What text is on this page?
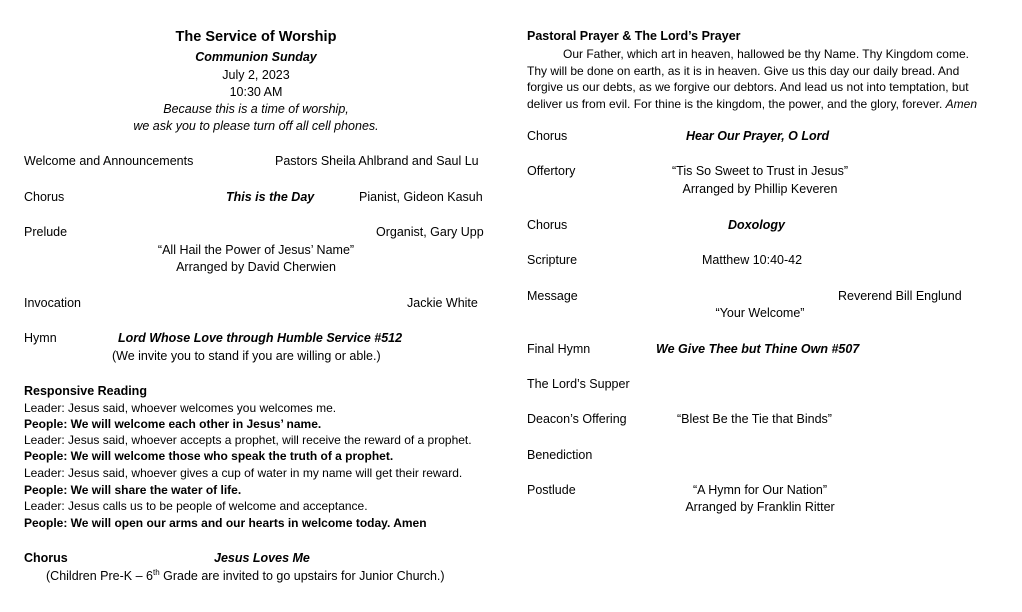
The Service of Worship
Communion Sunday
July 2, 2023
10:30 AM
Because this is a time of worship,
we ask you to please turn off all cell phones.
Welcome and Announcements	Pastors Sheila Ahlbrand and Saul Lu
Chorus	This is the Day	Pianist, Gideon Kasuh
Prelude	Organist, Gary Upp
“All Hail the Power of Jesus’ Name”
Arranged by David Cherwien
Invocation	Jackie White
Hymn	Lord Whose Love through Humble Service #512
(We invite you to stand if you are willing or able.)
Responsive Reading
Leader: Jesus said, whoever welcomes you welcomes me.
People: We will welcome each other in Jesus’ name.
Leader: Jesus said, whoever accepts a prophet, will receive the reward of a prophet.
People: We will welcome those who speak the truth of a prophet.
Leader: Jesus said, whoever gives a cup of water in my name will get their reward.
People: We will share the water of life.
Leader: Jesus calls us to be people of welcome and acceptance.
People: We will open our arms and our hearts in welcome today. Amen
Chorus	Jesus Loves Me
(Children Pre-K – 6th Grade are invited to go upstairs for Junior Church.)
Pastoral Prayer & The Lord’s Prayer
Our Father, which art in heaven, hallowed be thy Name. Thy Kingdom come. Thy will be done on earth, as it is in heaven. Give us this day our daily bread. And forgive us our debts, as we forgive our debtors. And lead us not into temptation, but deliver us from evil. For thine is the kingdom, the power, and the glory, forever. Amen
Chorus	Hear Our Prayer, O Lord
Offertory	“Tis So Sweet to Trust in Jesus”
Arranged by Phillip Keveren
Chorus	Doxology
Scripture	Matthew 10:40-42
Message	Reverend Bill Englund
“Your Welcome”
Final Hymn	We Give Thee but Thine Own #507
The Lord’s Supper
Deacon’s Offering	“Blest Be the Tie that Binds”
Benediction
Postlude	“A Hymn for Our Nation”
Arranged by Franklin Ritter
